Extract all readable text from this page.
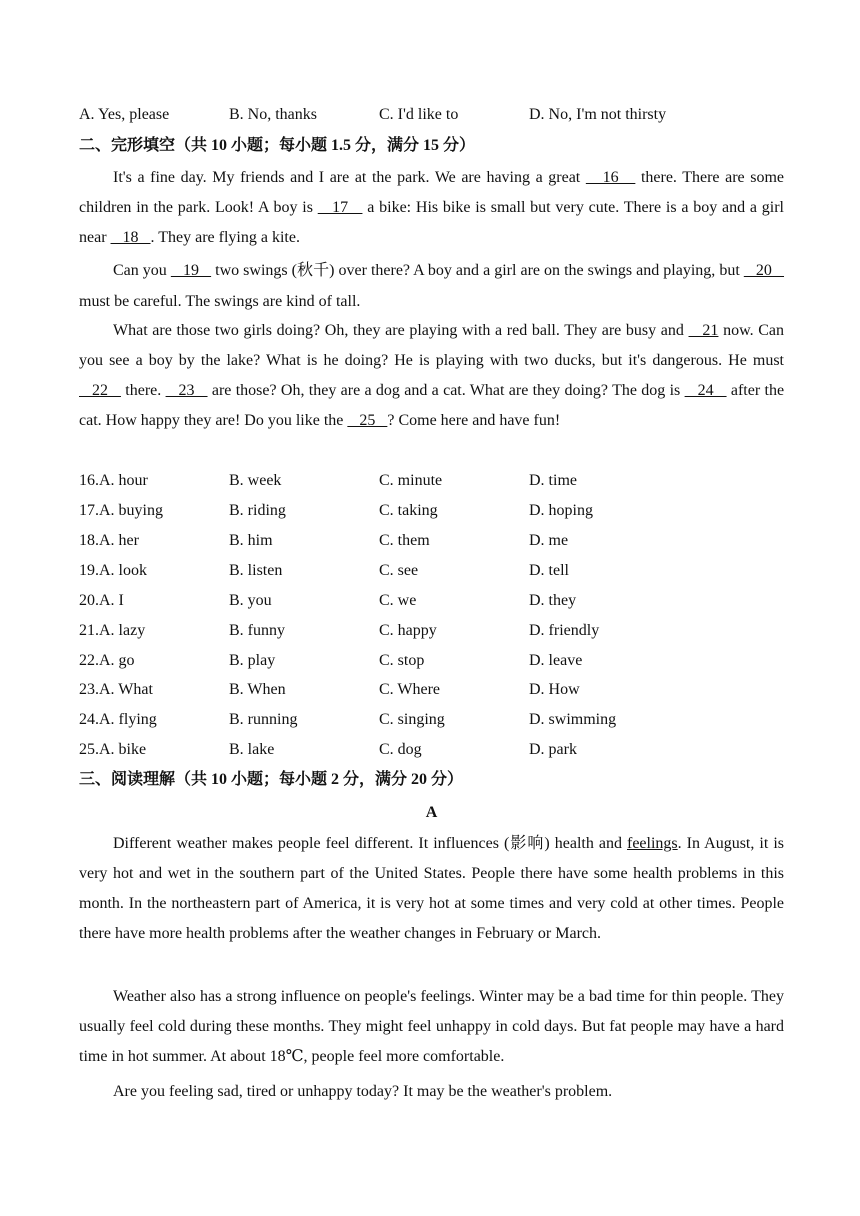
A. Yes, please	B. No, thanks	C. I'd like to	D. No, I'm not thirsty
二、完形填空（共 10 小题；每小题 1.5 分，满分 15 分）
It's a fine day. My friends and I are at the park. We are having a great    16    there. There are some children in the park. Look! A boy is    17    a bike: His bike is small but very cute. There is a boy and a girl near    18   . They are flying a kite.
Can you    19    two swings (秋千) over there? A boy and a girl are on the swings and playing, but    20    must be careful. The swings are kind of tall.
What are those two girls doing? Oh, they are playing with a red ball. They are busy and    21 now. Can you see a boy by the lake? What is he doing? He is playing with two ducks, but it's dangerous. He must    22    there.    23    are those? Oh, they are a dog and a cat. What are they doing? The dog is    24    after the cat. How happy they are! Do you like the    25   ? Come here and have fun!
16.A. hour	B. week	C. minute	D. time
17.A. buying	B. riding	C. taking	D. hoping
18.A. her	B. him	C. them	D. me
19.A. look	B. listen	C. see	D. tell
20.A. I	B. you	C. we	D. they
21.A. lazy	B. funny	C. happy	D. friendly
22.A. go	B. play	C. stop	D. leave
23.A. What	B. When	C. Where	D. How
24.A. flying	B. running	C. singing	D. swimming
25.A. bike	B. lake	C. dog	D. park
三、阅读理解（共 10 小题；每小题 2 分，满分 20 分）
A
Different weather makes people feel different. It influences (影响) health and feelings. In August, it is very hot and wet in the southern part of the United States. People there have some health problems in this month. In the northeastern part of America, it is very hot at some times and very cold at other times. People there have more health problems after the weather changes in February or March.
Weather also has a strong influence on people's feelings. Winter may be a bad time for thin people. They usually feel cold during these months. They might feel unhappy in cold days. But fat people may have a hard time in hot summer. At about 18℃, people feel more comfortable.
Are you feeling sad, tired or unhappy today? It may be the weather's problem.
